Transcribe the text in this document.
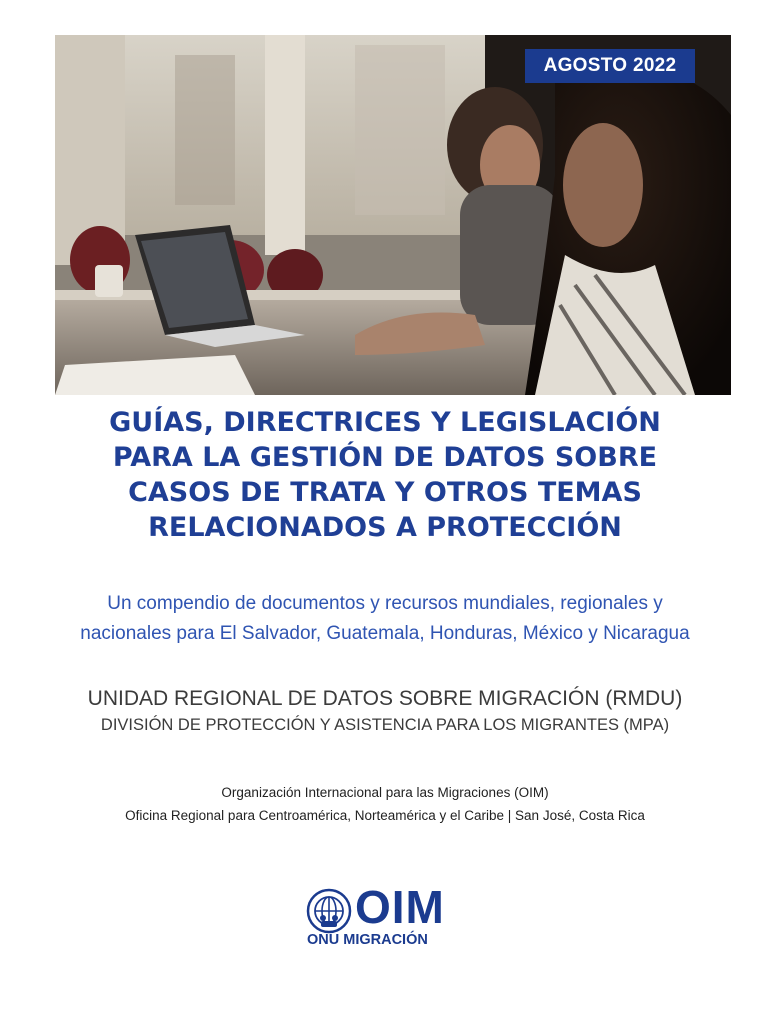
AGOSTO 2022
GUÍAS, DIRECTRICES Y LEGISLACIÓN
PARA LA GESTIÓN DE DATOS SOBRE
CASOS DE TRATA Y OTROS TEMAS
RELACIONADOS A PROTECCIÓN
Un compendio de documentos y recursos mundiales, regionales y
nacionales para El Salvador, Guatemala, Honduras, México y Nicaragua
UNIDAD REGIONAL DE DATOS SOBRE MIGRACIÓN (RMDU)
DIVISIÓN DE PROTECCIÓN Y ASISTENCIA PARA LOS MIGRANTES (MPA)
Organización Internacional para las Migraciones (OIM)
Oficina Regional para Centroamérica, Norteamérica y el Caribe | San José, Costa Rica
OIM
ONU MIGRACIÓN
